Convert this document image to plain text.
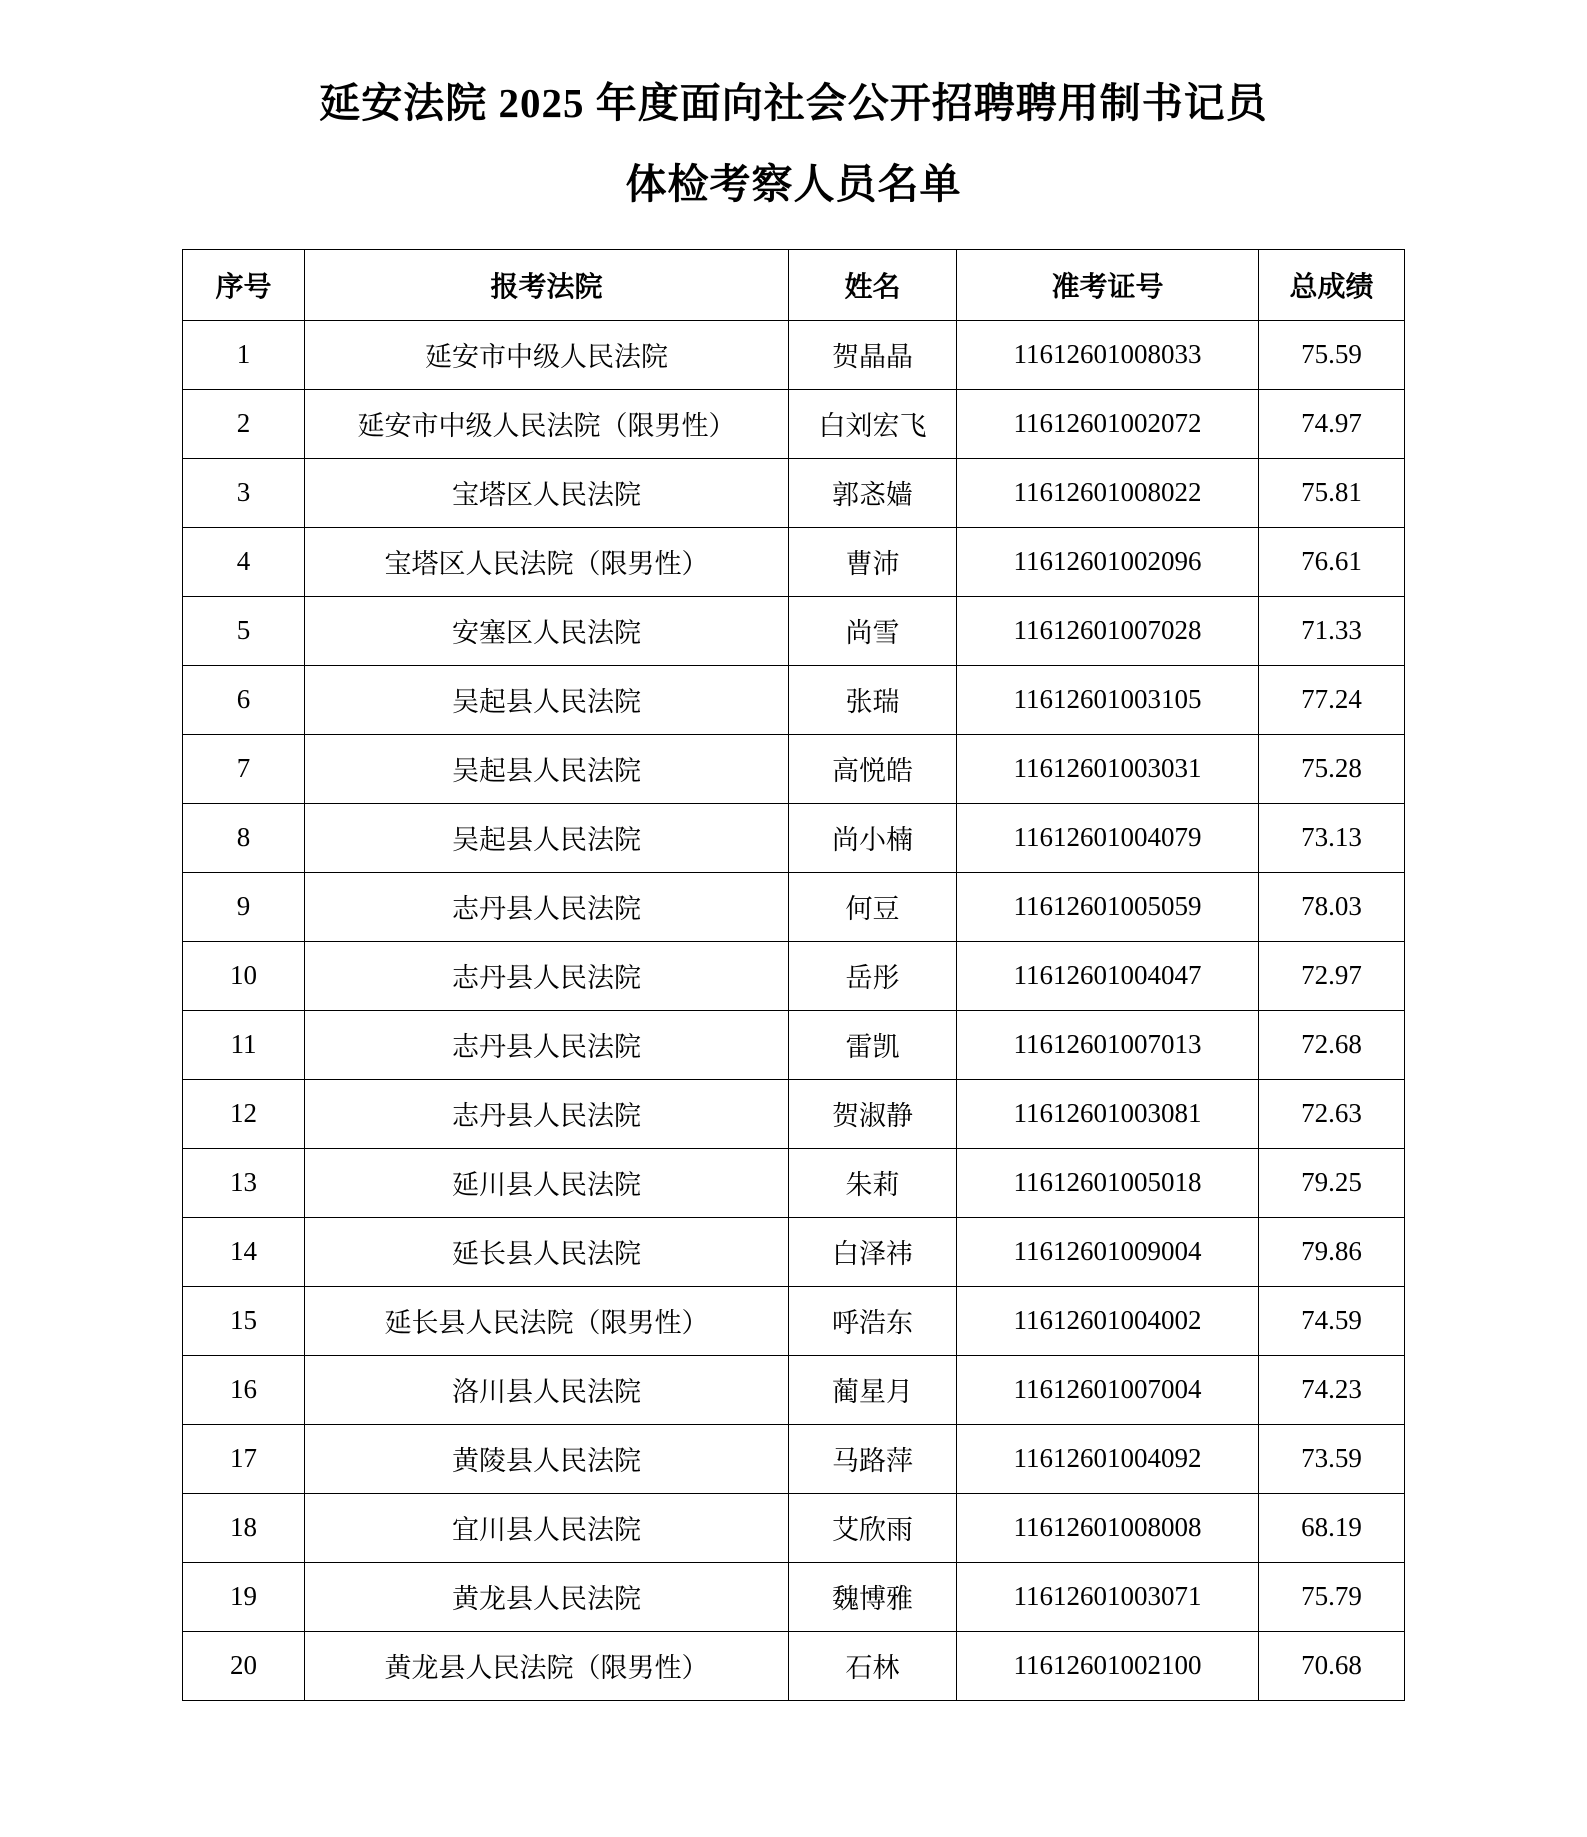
延安法院 2025 年度面向社会公开招聘聘用制书记员
体检考察人员名单
序号	报考法院	姓名	准考证号	总成绩
1	延安市中级人民法院	贺晶晶	11612601008033	75.59
2	延安市中级人民法院（限男性）	白刘宏飞	11612601002072	74.97
3	宝塔区人民法院	郭忞嫱	11612601008022	75.81
4	宝塔区人民法院（限男性）	曹沛	11612601002096	76.61
5	安塞区人民法院	尚雪	11612601007028	71.33
6	吴起县人民法院	张瑞	11612601003105	77.24
7	吴起县人民法院	高悦皓	11612601003031	75.28
8	吴起县人民法院	尚小楠	11612601004079	73.13
9	志丹县人民法院	何豆	11612601005059	78.03
10	志丹县人民法院	岳彤	11612601004047	72.97
11	志丹县人民法院	雷凯	11612601007013	72.68
12	志丹县人民法院	贺淑静	11612601003081	72.63
13	延川县人民法院	朱莉	11612601005018	79.25
14	延长县人民法院	白泽祎	11612601009004	79.86
15	延长县人民法院（限男性）	呼浩东	11612601004002	74.59
16	洛川县人民法院	蔺星月	11612601007004	74.23
17	黄陵县人民法院	马路萍	11612601004092	73.59
18	宜川县人民法院	艾欣雨	11612601008008	68.19
19	黄龙县人民法院	魏博雅	11612601003071	75.79
20	黄龙县人民法院（限男性）	石林	11612601002100	70.68
